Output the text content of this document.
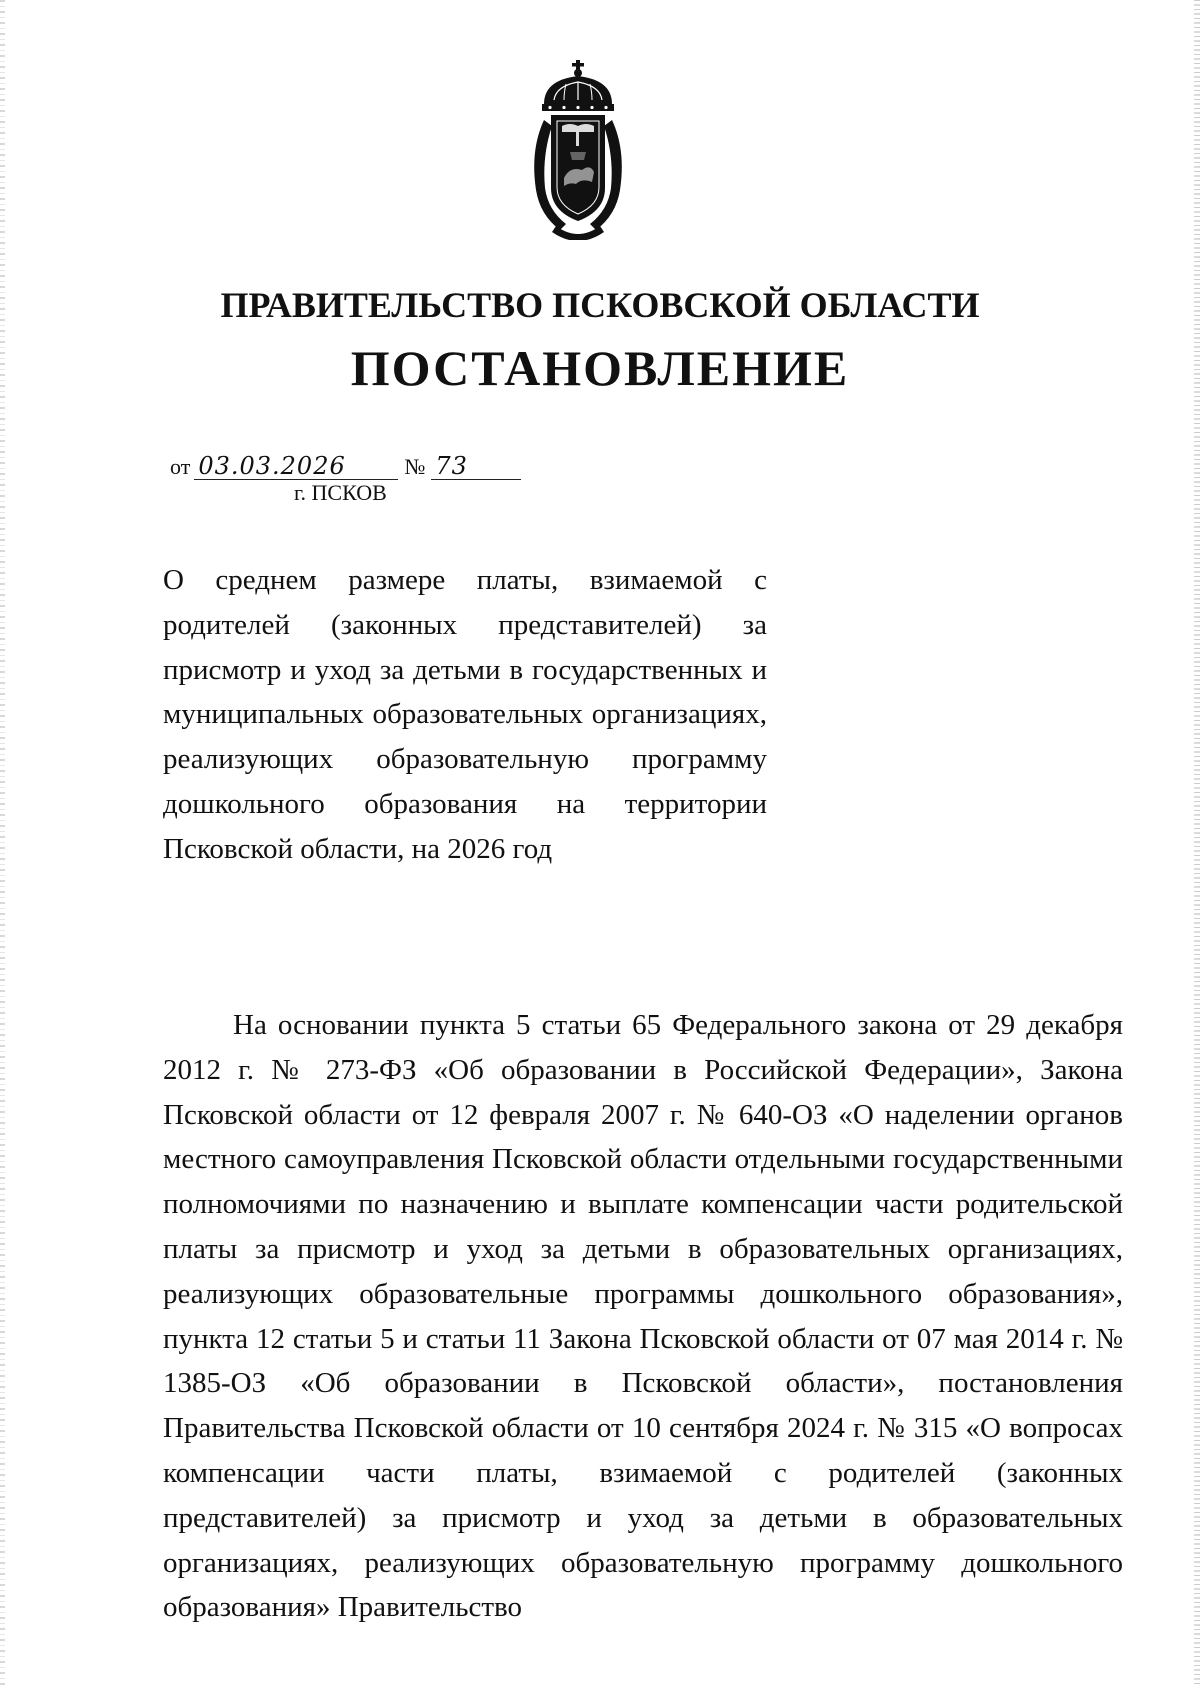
ПРАВИТЕЛЬСТВО ПСКОВСКОЙ ОБЛАСТИ
ПОСТАНОВЛЕНИЕ
от 03.03.2026	№ 73
г. ПСКОВ

О среднем размере платы, взимаемой с родителей (законных представителей) за присмотр и уход за детьми в государственных и муниципальных образовательных организациях, реализующих образовательную программу дошкольного образования на территории Псковской области, на 2026 год

На основании пункта 5 статьи 65 Федерального закона от 29 декабря 2012 г. № 273-ФЗ «Об образовании в Российской Федерации», Закона Псковской области от 12 февраля 2007 г. № 640-ОЗ «О наделении органов местного самоуправления Псковской области отдельными государственными полномочиями по назначению и выплате компенсации части родительской платы за присмотр и уход за детьми в образовательных организациях, реализующих образовательные программы дошкольного образования», пункта 12 статьи 5 и статьи 11 Закона Псковской области от 07 мая 2014 г. № 1385-ОЗ «Об образовании в Псковской области», постановления Правительства Псковской области от 10 сентября 2024 г. № 315 «О вопросах компенсации части платы, взимаемой с родителей (законных представителей) за присмотр и уход за детьми в образовательных организациях, реализующих образовательную программу дошкольного образования» Правительство
